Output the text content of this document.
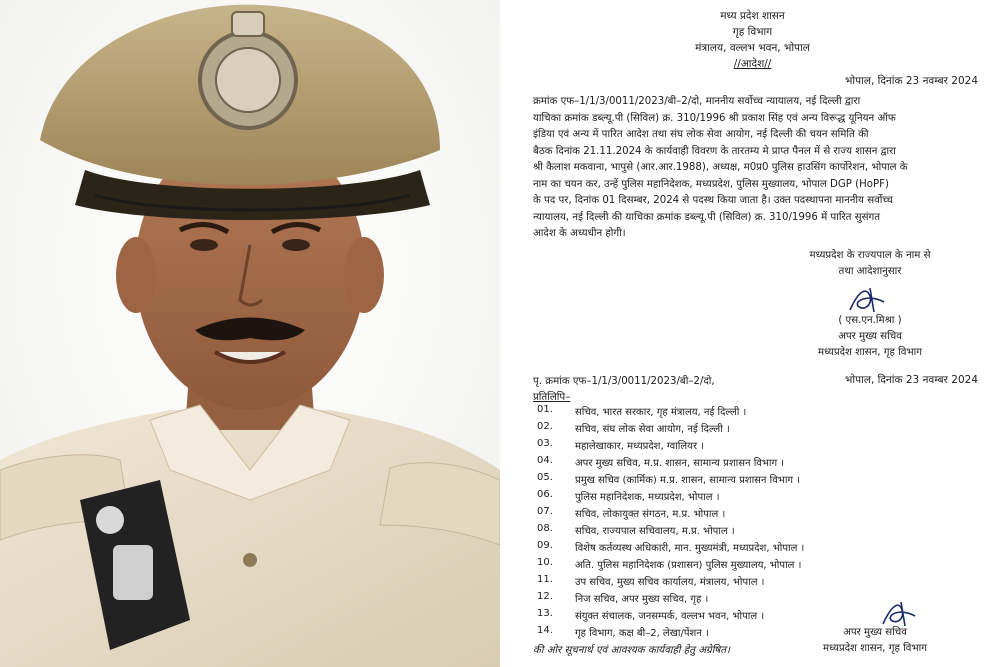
मध्य प्रदेश शासन
गृह विभाग
मंत्रालय, वल्लभ भवन, भोपाल
//आदेश//
भोपाल, दिनांक 23 नवम्बर 2024
क्रमांक एफ–1/1/3/0011/2023/बी–2/दो, माननीय सर्वोच्च न्यायालय, नई दिल्ली द्वारा
याचिका क्रमांक डब्ल्यू.पी (सिविल) क्र. 310/1996 श्री प्रकाश सिंह एवं अन्य विरूद्ध यूनियन ऑफ
इंडिया एवं अन्य में पारित आदेश तथा संघ लोक सेवा आयोग, नई दिल्ली की चयन समिति की
बैठक दिनांक 21.11.2024 के कार्यवाही विवरण के तारतम्य मे प्राप्त पैनल में से राज्य शासन द्वारा
श्री कैलाश मकवाना, भापुसे (आर.आर.1988), अध्यक्ष, म0प्र0 पुलिस हाउसिंग कार्पोरेशन, भोपाल के
नाम का चयन कर, उन्हें पुलिस महानिदेशक, मध्यप्रदेश, पुलिस मुख्यालय, भोपाल DGP (HoPF)
के पद पर, दिनांक 01 दिसम्बर, 2024 से पदस्थ किया जाता है। उक्त पदस्थापना माननीय सर्वोच्च
न्यायालय, नई दिल्ली की याचिका क्रमांक डब्ल्यू.पी (सिविल) क्र. 310/1996 में पारित सुसंगत
आदेश के अध्यधीन होगी।
मध्यप्रदेश के राज्यपाल के नाम से
तथा आदेशानुसार
( एस.एन.मिश्रा )
अपर मुख्य सचिव
मध्यप्रदेश शासन, गृह विभाग
पृ. क्रमांक एफ–1/1/3/0011/2023/बी–2/दो,	भोपाल, दिनांक 23 नवम्बर 2024
प्रतिलिपि–
01.	सचिव, भारत सरकार, गृह मंत्रालय, नई दिल्ली ।
02.	सचिव, संघ लोक सेवा आयोग, नई दिल्ली ।
03.	महालेखाकार, मध्यप्रदेश, ग्वालियर ।
04.	अपर मुख्य सचिव, म.प्र. शासन, सामान्य प्रशासन विभाग ।
05.	प्रमुख सचिव (कार्मिक) म.प्र. शासन, सामान्य प्रशासन विभाग ।
06.	पुलिस महानिदेशक, मध्यप्रदेश, भोपाल ।
07.	सचिव, लोकायुक्त संगठन, म.प्र. भोपाल ।
08.	सचिव, राज्यपाल सचिवालय, म.प्र. भोपाल ।
09.	विशेष कर्तव्यस्थ अधिकारी, मान. मुख्यमंत्री, मध्यप्रदेश, भोपाल ।
10.	अति. पुलिस महानिदेशक (प्रशासन) पुलिस मुख्यालय, भोपाल ।
11.	उप सचिव, मुख्य सचिव कार्यालय, मंत्रालय, भोपाल ।
12.	निज सचिव, अपर मुख्य सचिव, गृह ।
13.	संयुक्त संचालक, जनसम्पर्क, वल्लभ भवन, भोपाल ।
14.	गृह विभाग, कक्ष बी–2, लेखा/पेंशन ।
की ओर सूचनार्थ एवं आवश्यक कार्यवाही हेतु अग्रेषित।
अपर मुख्य सचिव
मध्यप्रदेश शासन, गृह विभाग
